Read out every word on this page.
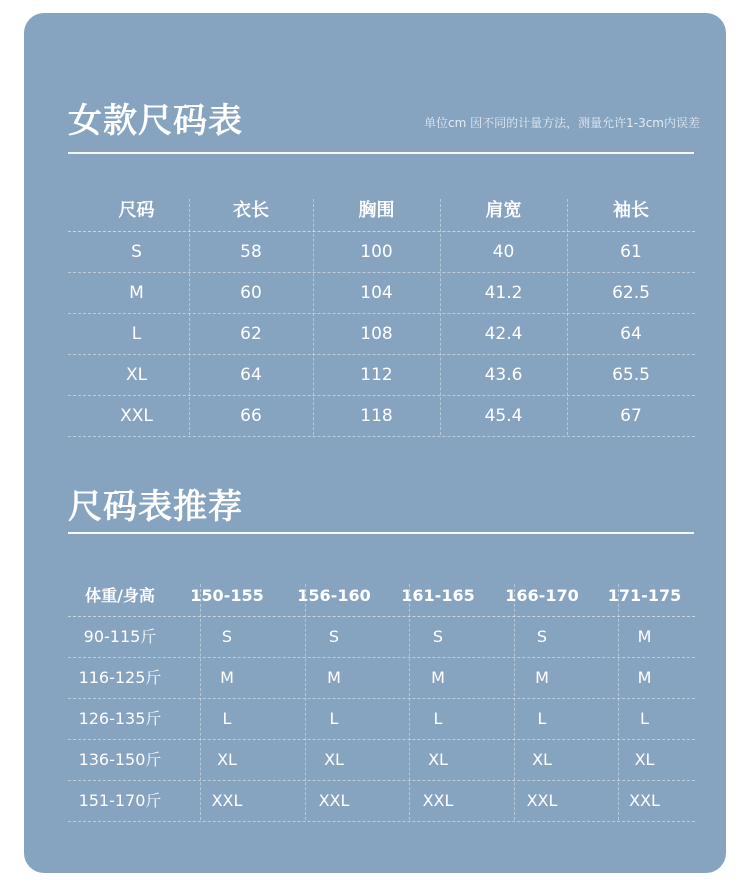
女款尺码表	单位cm 因不同的计量方法，测量允许1-3cm内误差
尺码	衣长	胸围	肩宽	袖长
S	58	100	40	61
M	60	104	41.2	62.5
L	62	108	42.4	64
XL	64	112	43.6	65.5
XXL	66	118	45.4	67
尺码表推荐
体重/身高	150-155	156-160	161-165	166-170	171-175
90-115斤	S	S	S	S	M
116-125斤	M	M	M	M	M
126-135斤	L	L	L	L	L
136-150斤	XL	XL	XL	XL	XL
151-170斤	XXL	XXL	XXL	XXL	XXL
